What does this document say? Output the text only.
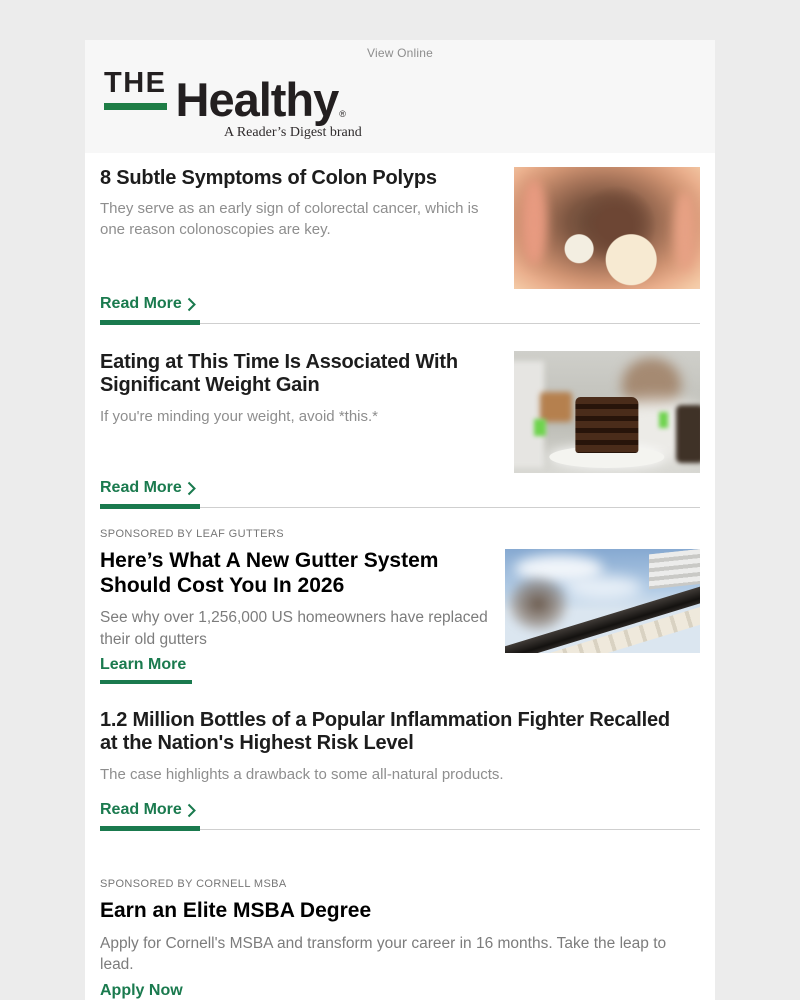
View Online
THE Healthy ®
A Reader’s Digest brand
8 Subtle Symptoms of Colon Polyps
They serve as an early sign of colorectal cancer, which is one reason colonoscopies are key.
Read More
Eating at This Time Is Associated With Significant Weight Gain
If you're minding your weight, avoid *this.*
Read More
SPONSORED BY LEAF GUTTERS
Here’s What A New Gutter System Should Cost You In 2026
See why over 1,256,000 US homeowners have replaced their old gutters
Learn More
1.2 Million Bottles of a Popular Inflammation Fighter Recalled at the Nation's Highest Risk Level
The case highlights a drawback to some all-natural products.
Read More
SPONSORED BY CORNELL MSBA
Earn an Elite MSBA Degree
Apply for Cornell's MSBA and transform your career in 16 months. Take the leap to lead.
Apply Now
